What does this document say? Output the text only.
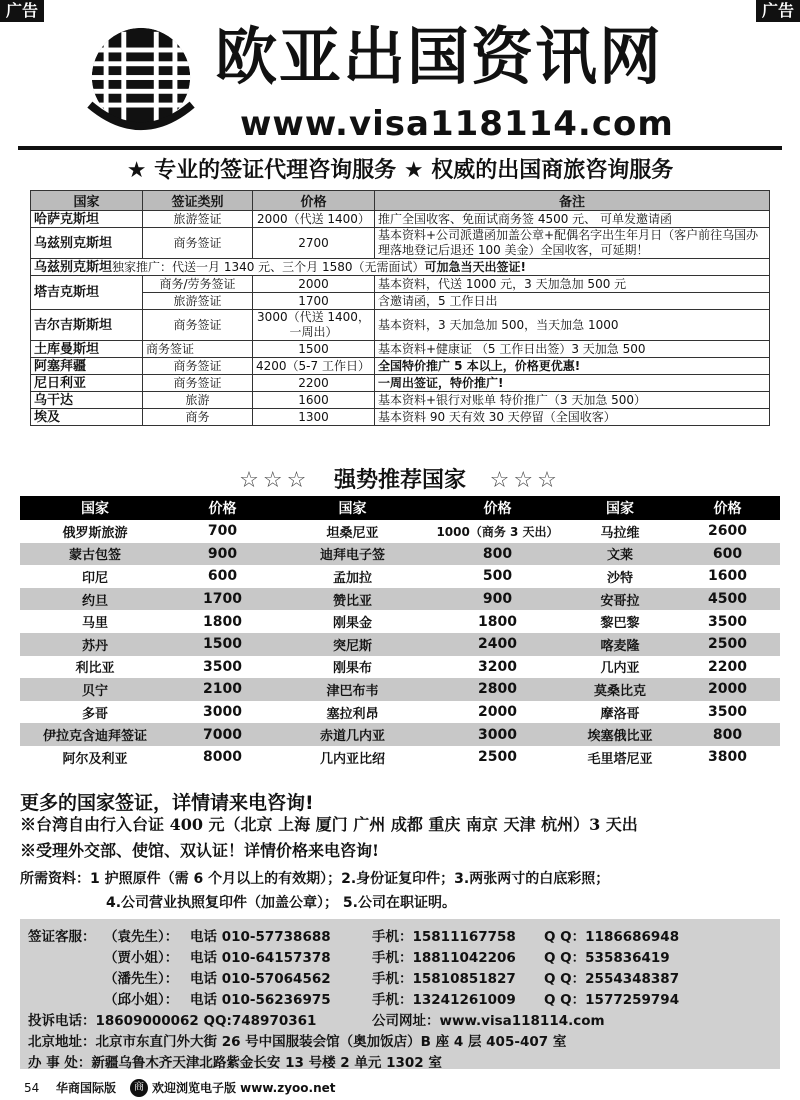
广告	广告
欧亚出国资讯网
www.visa118114.com
★ 专业的签证代理咨询服务 ★ 权威的出国商旅咨询服务
国家	签证类别	价格	备注
哈萨克斯坦	旅游签证	2000（代送 1400）	推广全国收客、免面试商务签 4500 元、 可单发邀请函
乌兹别克斯坦	商务签证	2700	基本资料+公司派遣函加盖公章+配偶名字出生年月日（客户前往乌国办理落地登记后退还 100 美金）全国收客，可延期！
乌兹别克斯坦独家推广：代送一月 1340 元、三个月 1580（无需面试）可加急当天出签证!			
塔吉克斯坦	商务/劳务签证	2000	基本资料，代送 1000 元，3 天加急加 500 元
	旅游签证	1700	含邀请函，5 工作日出
吉尔吉斯斯坦	商务签证	3000（代送 1400，一周出）	基本资料，3 天加急加 500，当天加急 1000
土库曼斯坦	商务签证	1500	基本资料+健康证 （5 工作日出签）3 天加急 500
阿塞拜疆	商务签证	4200（5-7 工作日）	全国特价推广 5 本以上，价格更优惠!
尼日利亚	商务签证	2200	一周出签证，特价推广!
乌干达	旅游	1600	基本资料+银行对账单 特价推广（3 天加急 500）
埃及	商务	1300	基本资料 90 天有效 30 天停留（全国收客）
☆☆☆ 强势推荐国家 ☆☆☆
国家	价格	国家	价格	国家	价格
俄罗斯旅游	700	坦桑尼亚	1000（商务 3 天出）	马拉维	2600
蒙古包签	900	迪拜电子签	800	文莱	600
印尼	600	孟加拉	500	沙特	1600
约旦	1700	赞比亚	900	安哥拉	4500
马里	1800	刚果金	1800	黎巴黎	3500
苏丹	1500	突尼斯	2400	喀麦隆	2500
利比亚	3500	刚果布	3200	几内亚	2200
贝宁	2100	津巴布韦	2800	莫桑比克	2000
多哥	3000	塞拉利昂	2000	摩洛哥	3500
伊拉克含迪拜签证	7000	赤道几内亚	3000	埃塞俄比亚	800
阿尔及利亚	8000	几内亚比绍	2500	毛里塔尼亚	3800
更多的国家签证，详情请来电咨询!
※台湾自由行入台证 400 元（北京 上海 厦门 广州 成都 重庆 南京 天津 杭州）3 天出
※受理外交部、使馆、双认证！详情价格来电咨询!
所需资料：1 护照原件（需 6 个月以上的有效期）；2.身份证复印件；3.两张两寸的白底彩照；
4.公司营业执照复印件（加盖公章）； 5.公司在职证明。
签证客服： （袁先生）： 电话 010-57738688	手机：15811167758 Q Q：1186686948
（贾小姐）： 电话 010-64157378	手机：18811042206 Q Q：535836419
（潘先生）： 电话 010-57064562	手机：15810851827 Q Q：2554348387
（邱小姐）： 电话 010-56236975	手机：13241261009 Q Q：1577259794
投诉电话：18609000062 QQ:748970361	公司网址：www.visa118114.com
北京地址：北京市东直门外大街 26 号中国服装会馆（奥加饭店）B 座 4 层 405-407 室
办 事 处：新疆乌鲁木齐天津北路紫金长安 13 号楼 2 单元 1302 室
54 华商国际版	商 欢迎浏览电子版 www.zyoo.net
